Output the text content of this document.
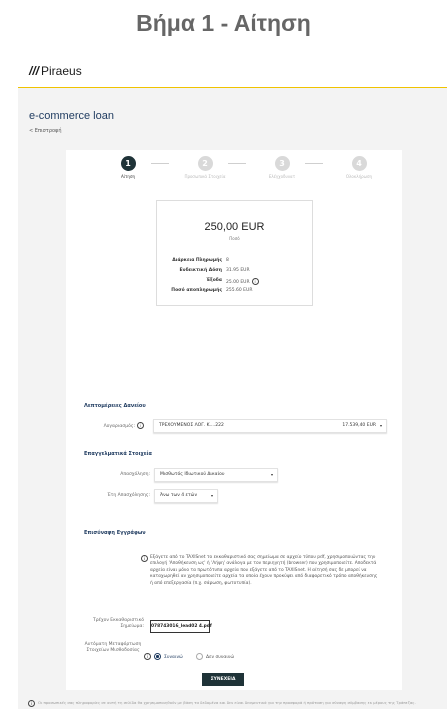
Βήμα 1 - Αίτηση
/// Piraeus
e-commerce loan
< Επιστροφή
1
Αίτηση
2
Προσωπικά Στοιχεία
3
Ελέγχοδυνατ
4
Ολοκλήρωση
250,00 EUR
Ποσό
Διάρκεια Πληρωμής 8
Ενδεικτική Δόση 31.95 EUR
Έξοδα 25.00 EUR i
Ποσό αποπληρωμής 255.60 EUR
Λεπτομέρειες Δανείου
Λογαριασμός: i	ΤΡΕΧΟΥΜΕΝΟΣ ΛΟΓ. Κ....222	17.539,40 EUR ▾
Επαγγελματικά Στοιχεία
Απασχόληση: Μισθωτός Ιδιωτικού Δικαίου	▾
Έτη Απασχόλησης: Άνω των 4 ετών	▾
Επισύναψη Εγγράφων
i	Εξάγετε από το TAXISnet το εκκαθαριστικό σας σημείωμα σε αρχείο τύπου pdf, χρησιμοποιώντας την επιλογή 'Αποθήκευση ως' ή 'Λήψη' ανάλογα με τον περιηγητή (browser) που χρησιμοποιείτε. Αποδεκτά αρχεία είναι μόνο τα πρωτότυπα αρχεία που εξάγετε από το TAXISnet. Η αίτησή σας δε μπορεί να καταχωρηθεί αν χρησιμοποιείτε αρχεία τα οποία έχουν προκύψει από διαφορετικό τρόπο αποθήκευσης ή από επεξεργασία (π.χ. σάρωση, φωτοτυπία).
Τρέχον Εκκαθαριστικό Σημείωμα: 078743016_lead02 4.pdf
Αυτόματη Μεταφόρτωση Στοιχείων Μισθοδοσίας
i	Συναινώ	Δεν συναινώ
ΣΥΝΕΧΕΙΑ
i	Οι προσωπικές σας πληροφορίες σε αυτή τη σελίδα θα χρησιμοποιηθούν με βάση τα δεδομένα και δεν είναι δεσμευτικά για την προσφορά ή πρόταση για σύναψη σύμβασης εκ μέρους της Τράπεζας.
